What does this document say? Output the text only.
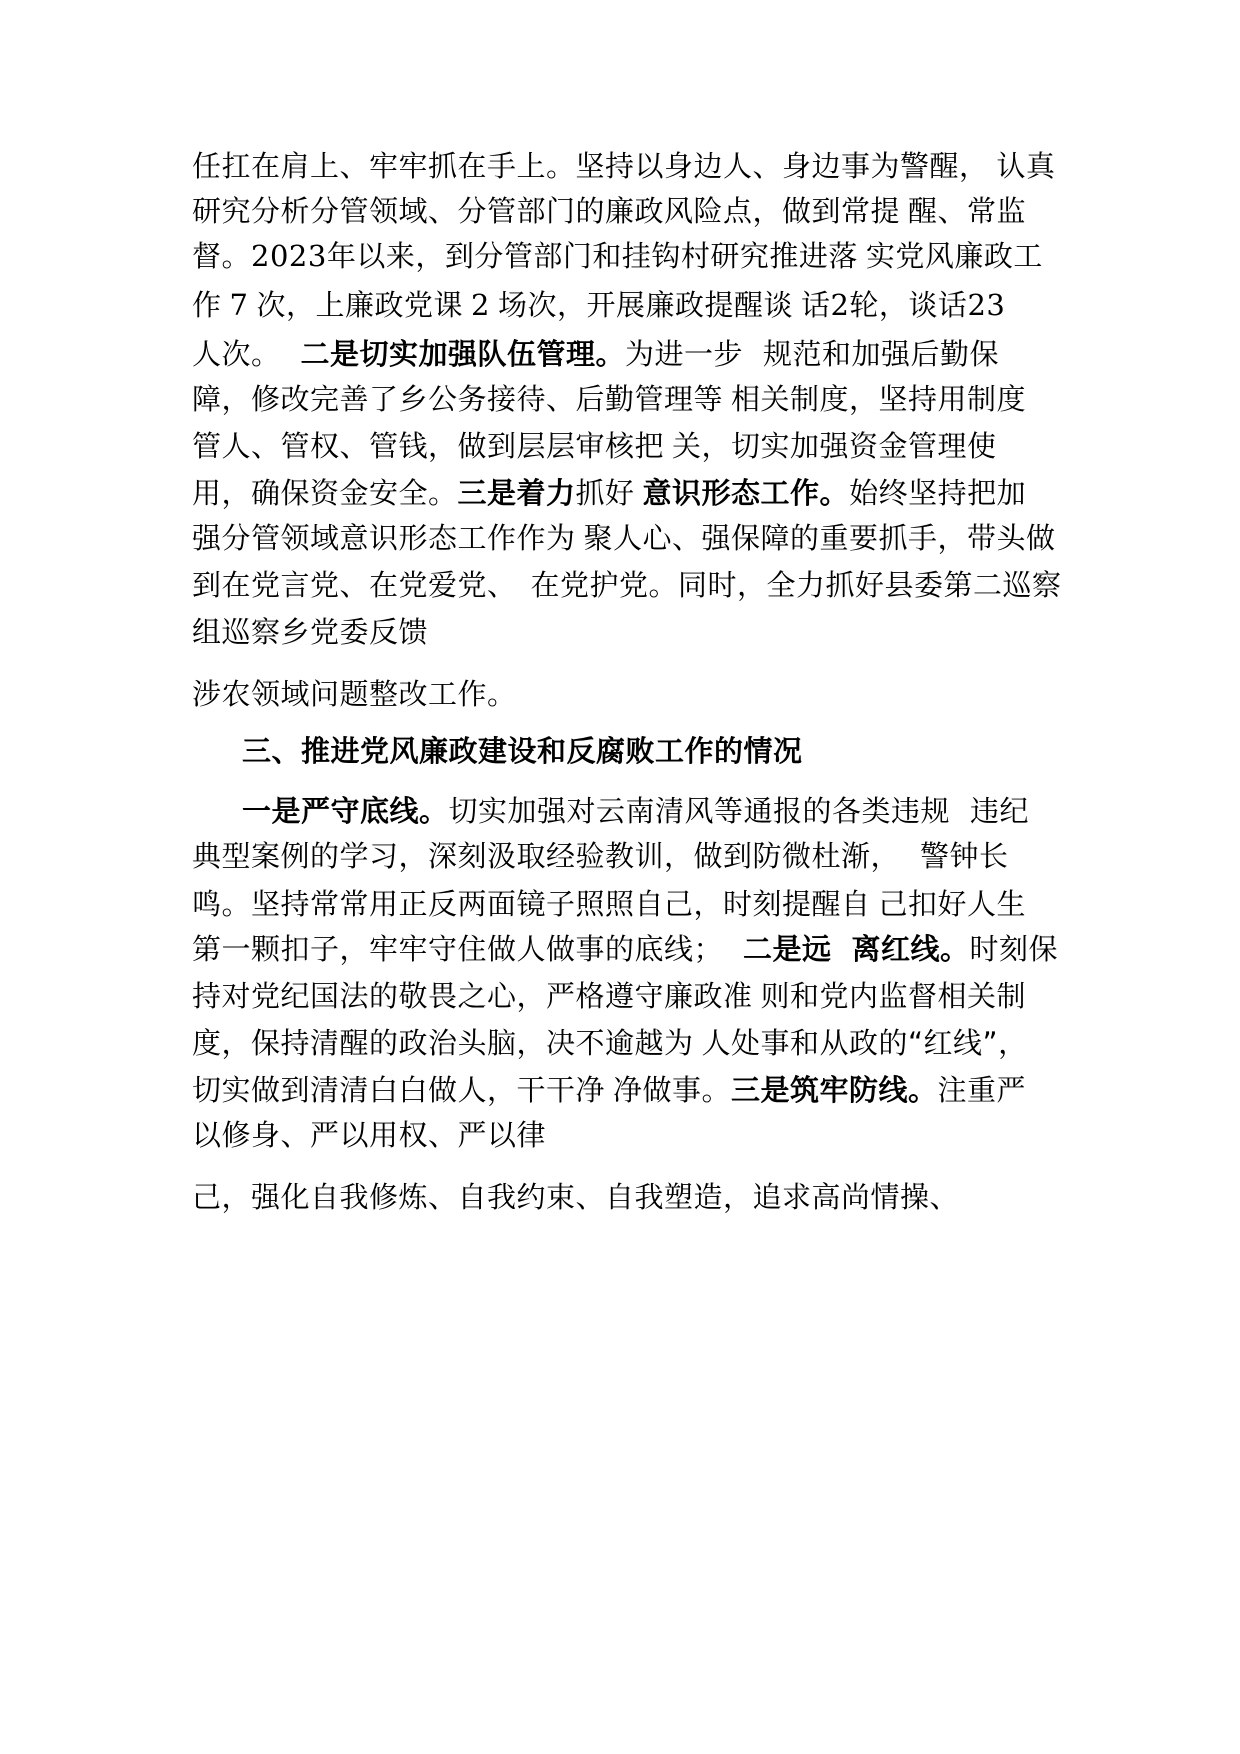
任扛在肩上、牢牢抓在手上。坚持以身边人、身边事为警醒， 认真
研究分析分管领域、分管部门的廉政风险点，做到常提 醒、常监
督。2023年以来，到分管部门和挂钩村研究推进落 实党风廉政工
作 7 次，上廉政党课 2 场次，开展廉政提醒谈 话2轮，谈话23
人次。 二是切实加强队伍管理。为进一步 规范和加强后勤保
障，修改完善了乡公务接待、后勤管理等 相关制度，坚持用制度
管人、管权、管钱，做到层层审核把 关，切实加强资金管理使
用，确保资金安全。三是着力抓好 意识形态工作。始终坚持把加
强分管领域意识形态工作作为 聚人心、强保障的重要抓手，带头做
到在党言党、在党爱党、 在党护党。同时，全力抓好县委第二巡察
组巡察乡党委反馈
涉农领域问题整改工作。
三、推进党风廉政建设和反腐败工作的情况
一是严守底线。切实加强对云南清风等通报的各类违规 违纪
典型案例的学习，深刻汲取经验教训，做到防微杜渐， 警钟长
鸣。坚持常常用正反两面镜子照照自己，时刻提醒自 己扣好人生
第一颗扣子，牢牢守住做人做事的底线； 二是远 离红线。时刻保
持对党纪国法的敬畏之心，严格遵守廉政准 则和党内监督相关制
度，保持清醒的政治头脑，决不逾越为 人处事和从政的“红线”，
切实做到清清白白做人，干干净 净做事。三是筑牢防线。注重严
以修身、严以用权、严以律
己，强化自我修炼、自我约束、自我塑造，追求高尚情操、
